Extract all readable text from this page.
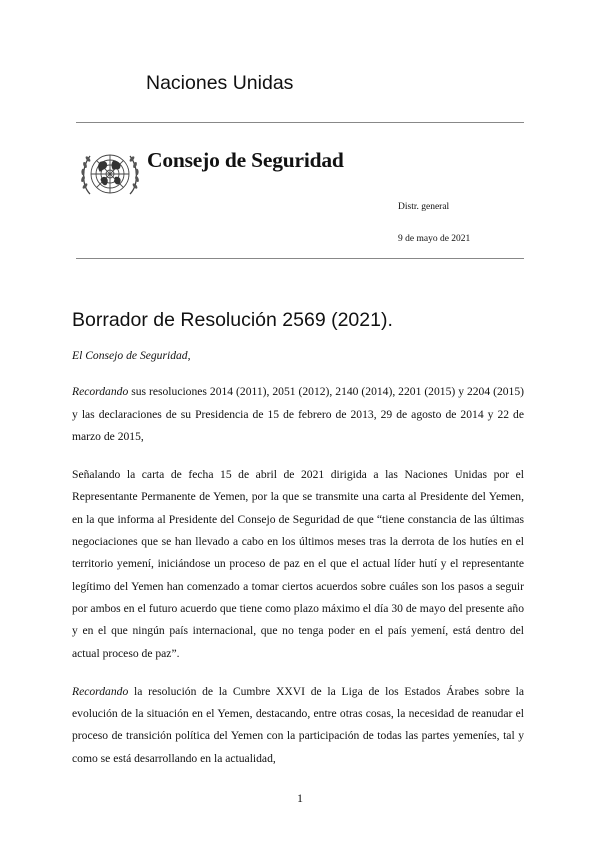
Naciones Unidas
Consejo de Seguridad
Distr. general
9 de mayo de 2021
Borrador de Resolución 2569 (2021).

El Consejo de Seguridad,

Recordando sus resoluciones 2014 (2011), 2051 (2012), 2140 (2014), 2201 (2015) y 2204 (2015) y las declaraciones de su Presidencia de 15 de febrero de 2013, 29 de agosto de 2014 y 22 de marzo de 2015,

Señalando la carta de fecha 15 de abril de 2021 dirigida a las Naciones Unidas por el Representante Permanente de Yemen, por la que se transmite una carta al Presidente del Yemen, en la que informa al Presidente del Consejo de Seguridad de que “tiene constancia de las últimas negociaciones que se han llevado a cabo en los últimos meses tras la derrota de los hutíes en el territorio yemení, iniciándose un proceso de paz en el que el actual líder hutí y el representante legítimo del Yemen han comenzado a tomar ciertos acuerdos sobre cuáles son los pasos a seguir por ambos en el futuro acuerdo que tiene como plazo máximo el día 30 de mayo del presente año y en el que ningún país internacional, que no tenga poder en el país yemení, está dentro del actual proceso de paz”.

Recordando la resolución de la Cumbre XXVI de la Liga de los Estados Árabes sobre la evolución de la situación en el Yemen, destacando, entre otras cosas, la necesidad de reanudar el proceso de transición política del Yemen con la participación de todas las partes yemeníes, tal y como se está desarrollando en la actualidad,

1
